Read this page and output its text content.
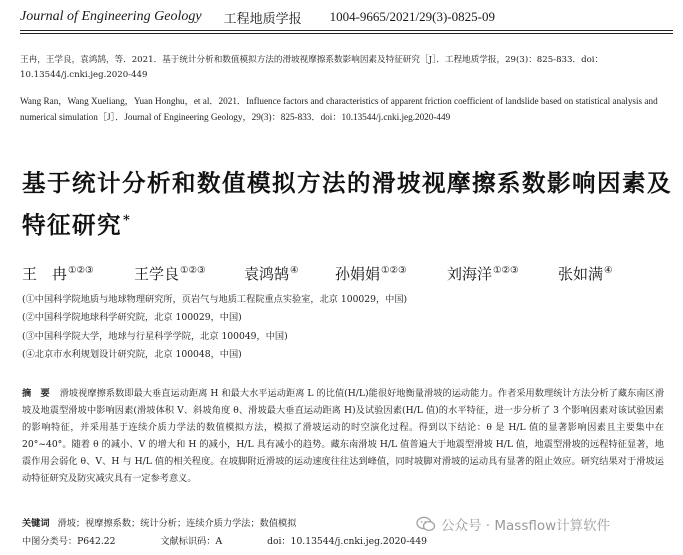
Journal of Engineering Geology 工程地质学报 1004-9665/2021/29(3)-0825-09
王冉，王学良，袁鸿鹄，等．2021．基于统计分析和数值模拟方法的滑坡视摩擦系数影响因素及特征研究［J］．工程地质学报，29(3)：825-833．doi：10.13544/j.cnki.jeg.2020-449
Wang Ran，Wang Xueliang，Yuan Honghu，et al．2021．Influence factors and characteristics of apparent friction coefficient of landslide based on statistical analysis and numerical simulation［J］．Journal of Engineering Geology，29(3)：825-833．doi：10.13544/j.cnki.jeg.2020-449
基于统计分析和数值模拟方法的滑坡视摩擦系数影响因素及特征研究*
王　冉①②③	王学良①②③	袁鸿鹄④ 孙娟娟①②③	刘海洋①②③	张如满④
(①中国科学院地质与地球物理研究所，页岩气与地质工程院重点实验室，北京 100029，中国)
(②中国科学院地球科学研究院，北京 100029，中国)
(③中国科学院大学，地球与行星科学学院，北京 100049，中国)
(④北京市水利规划设计研究院，北京 100048，中国)
摘　要 滑坡视摩擦系数即最大垂直运动距离 H 和最大水平运动距离 L 的比值(H/L)能很好地衡量滑坡的运动能力。作者采用数理统计方法分析了藏东南区滑坡及地震型滑坡中影响因素(滑坡体积 V、斜坡角度 θ、滑坡最大垂直运动距离 H)及试验因素(H/L 值)的水平特征，进一步分析了 3 个影响因素对该试验因素的影响特征，并采用基于连续介质力学法的数值模拟方法，模拟了滑坡运动的时空演化过程。得到以下结论：θ 是 H/L 值的显著影响因素且主要集中在 20°~40°。随着 θ 的减小、V 的增大和 H 的减小，H/L 具有减小的趋势。藏东南滑坡 H/L 值普遍大于地震型滑坡 H/L 值，地震型滑坡的远程特征显著，地震作用会弱化 θ、V、H 与 H/L 值的相关程度。在坡脚附近滑坡的运动速度往往达到峰值，同时坡脚对滑坡的运动具有显著的阻止效应。研究结果对于滑坡运动特征研究及防灾减灾具有一定参考意义。
关键词 滑坡；视摩擦系数；统计分析；连续介质力学法；数值模拟
中图分类号：P642.22	文献标识码：A	doi：10.13544/j.cnki.jeg.2020-449
公众号 · Massflow计算软件
